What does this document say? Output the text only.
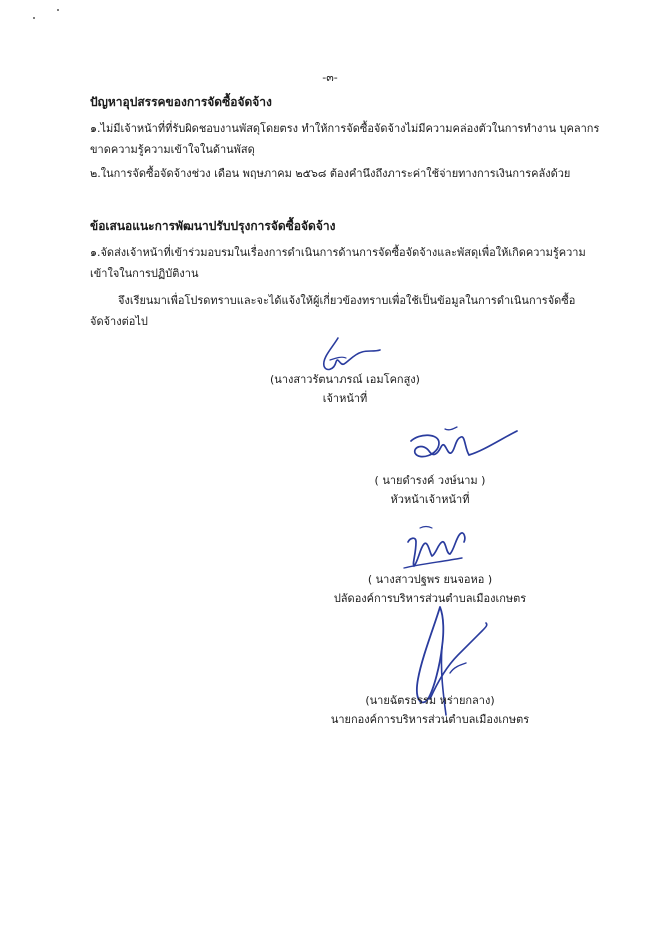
-๓-
ปัญหาอุปสรรคของการจัดซื้อจัดจ้าง
๑.ไม่มีเจ้าหน้าที่ที่รับผิดชอบงานพัสดุโดยตรง ทำให้การจัดซื้อจัดจ้างไม่มีความคล่องตัวในการทำงาน บุคลากร
ขาดความรู้ความเข้าใจในด้านพัสดุ
๒.ในการจัดซื้อจัดจ้างช่วง เดือน พฤษภาคม ๒๕๖๘ ต้องคำนึงถึงภาระค่าใช้จ่ายทางการเงินการคลังด้วย
ข้อเสนอแนะการพัฒนาปรับปรุงการจัดซื้อจัดจ้าง
๑.จัดส่งเจ้าหน้าที่เข้าร่วมอบรมในเรื่องการดำเนินการด้านการจัดซื้อจัดจ้างและพัสดุเพื่อให้เกิดความรู้ความ
เข้าใจในการปฏิบัติงาน
จึงเรียนมาเพื่อโปรดทราบและจะได้แจ้งให้ผู้เกี่ยวข้องทราบเพื่อใช้เป็นข้อมูลในการดำเนินการจัดซื้อ
จัดจ้างต่อไป
(นางสาวรัตนาภรณ์ เอมโคกสูง)
เจ้าหน้าที่
( นายดำรงค์ วงษ์นาม )
หัวหน้าเจ้าหน้าที่
( นางสาวปฐพร ยนจอหอ )
ปลัดองค์การบริหารส่วนตำบลเมืองเกษตร
(นายฉัตรธรรม หร่ายกลาง)
นายกองค์การบริหารส่วนตำบลเมืองเกษตร
